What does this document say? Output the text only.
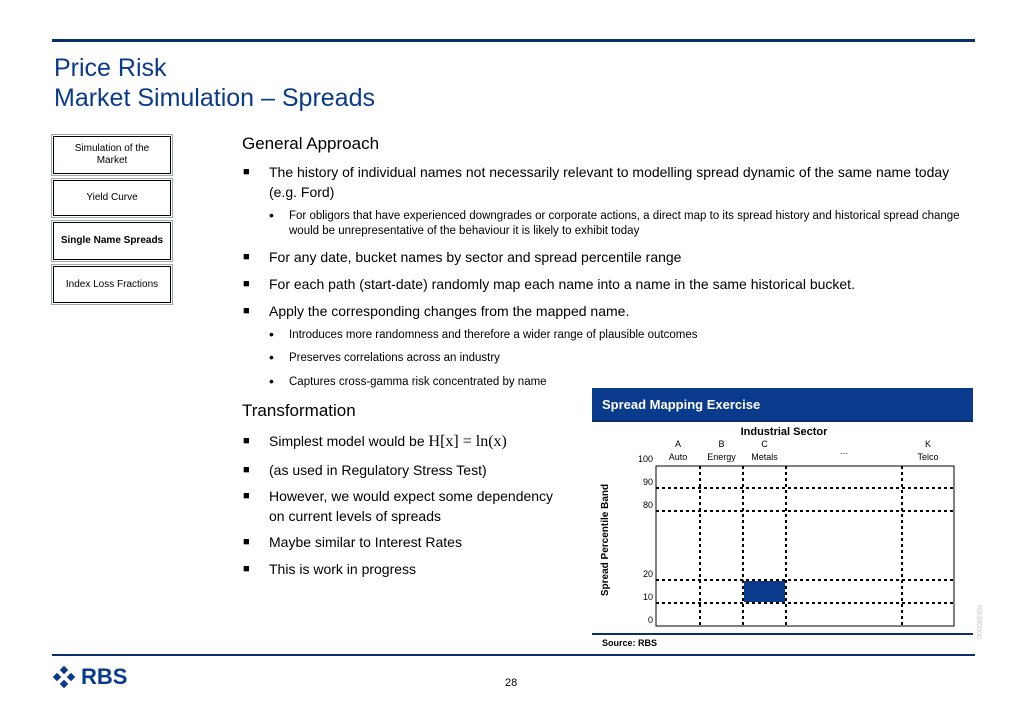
Price Risk
Market Simulation – Spreads
Simulation of the Market
Yield Curve
Single Name Spreads
Index Loss Fractions
General Approach
■ The history of individual names not necessarily relevant to modelling spread dynamic of the same name today (e.g. Ford)
• For obligors that have experienced downgrades or corporate actions, a direct map to its spread history and historical spread change would be unrepresentative of the behaviour it is likely to exhibit today
■ For any date, bucket names by sector and spread percentile range
■ For each path (start-date) randomly map each name into a name in the same historical bucket.
■ Apply the corresponding changes from the mapped name.
• Introduces more randomness and therefore a wider range of plausible outcomes
• Preserves correlations across an industry
• Captures cross-gamma risk concentrated by name
Transformation
■ Simplest model would be H[x] = ln(x)
■ (as used in Regulatory Stress Test)
■ However, we would expect some dependency on current levels of spreads
■ Maybe similar to Interest Rates
■ This is work in progress
Spread Mapping Exercise
Industrial Sector
Spread Percentile Band
A
Auto
B
Energy
C
Metals
…
K
Telco
100
90
80
20
10
0
Source: RBS
RBS00000
RBS	28
